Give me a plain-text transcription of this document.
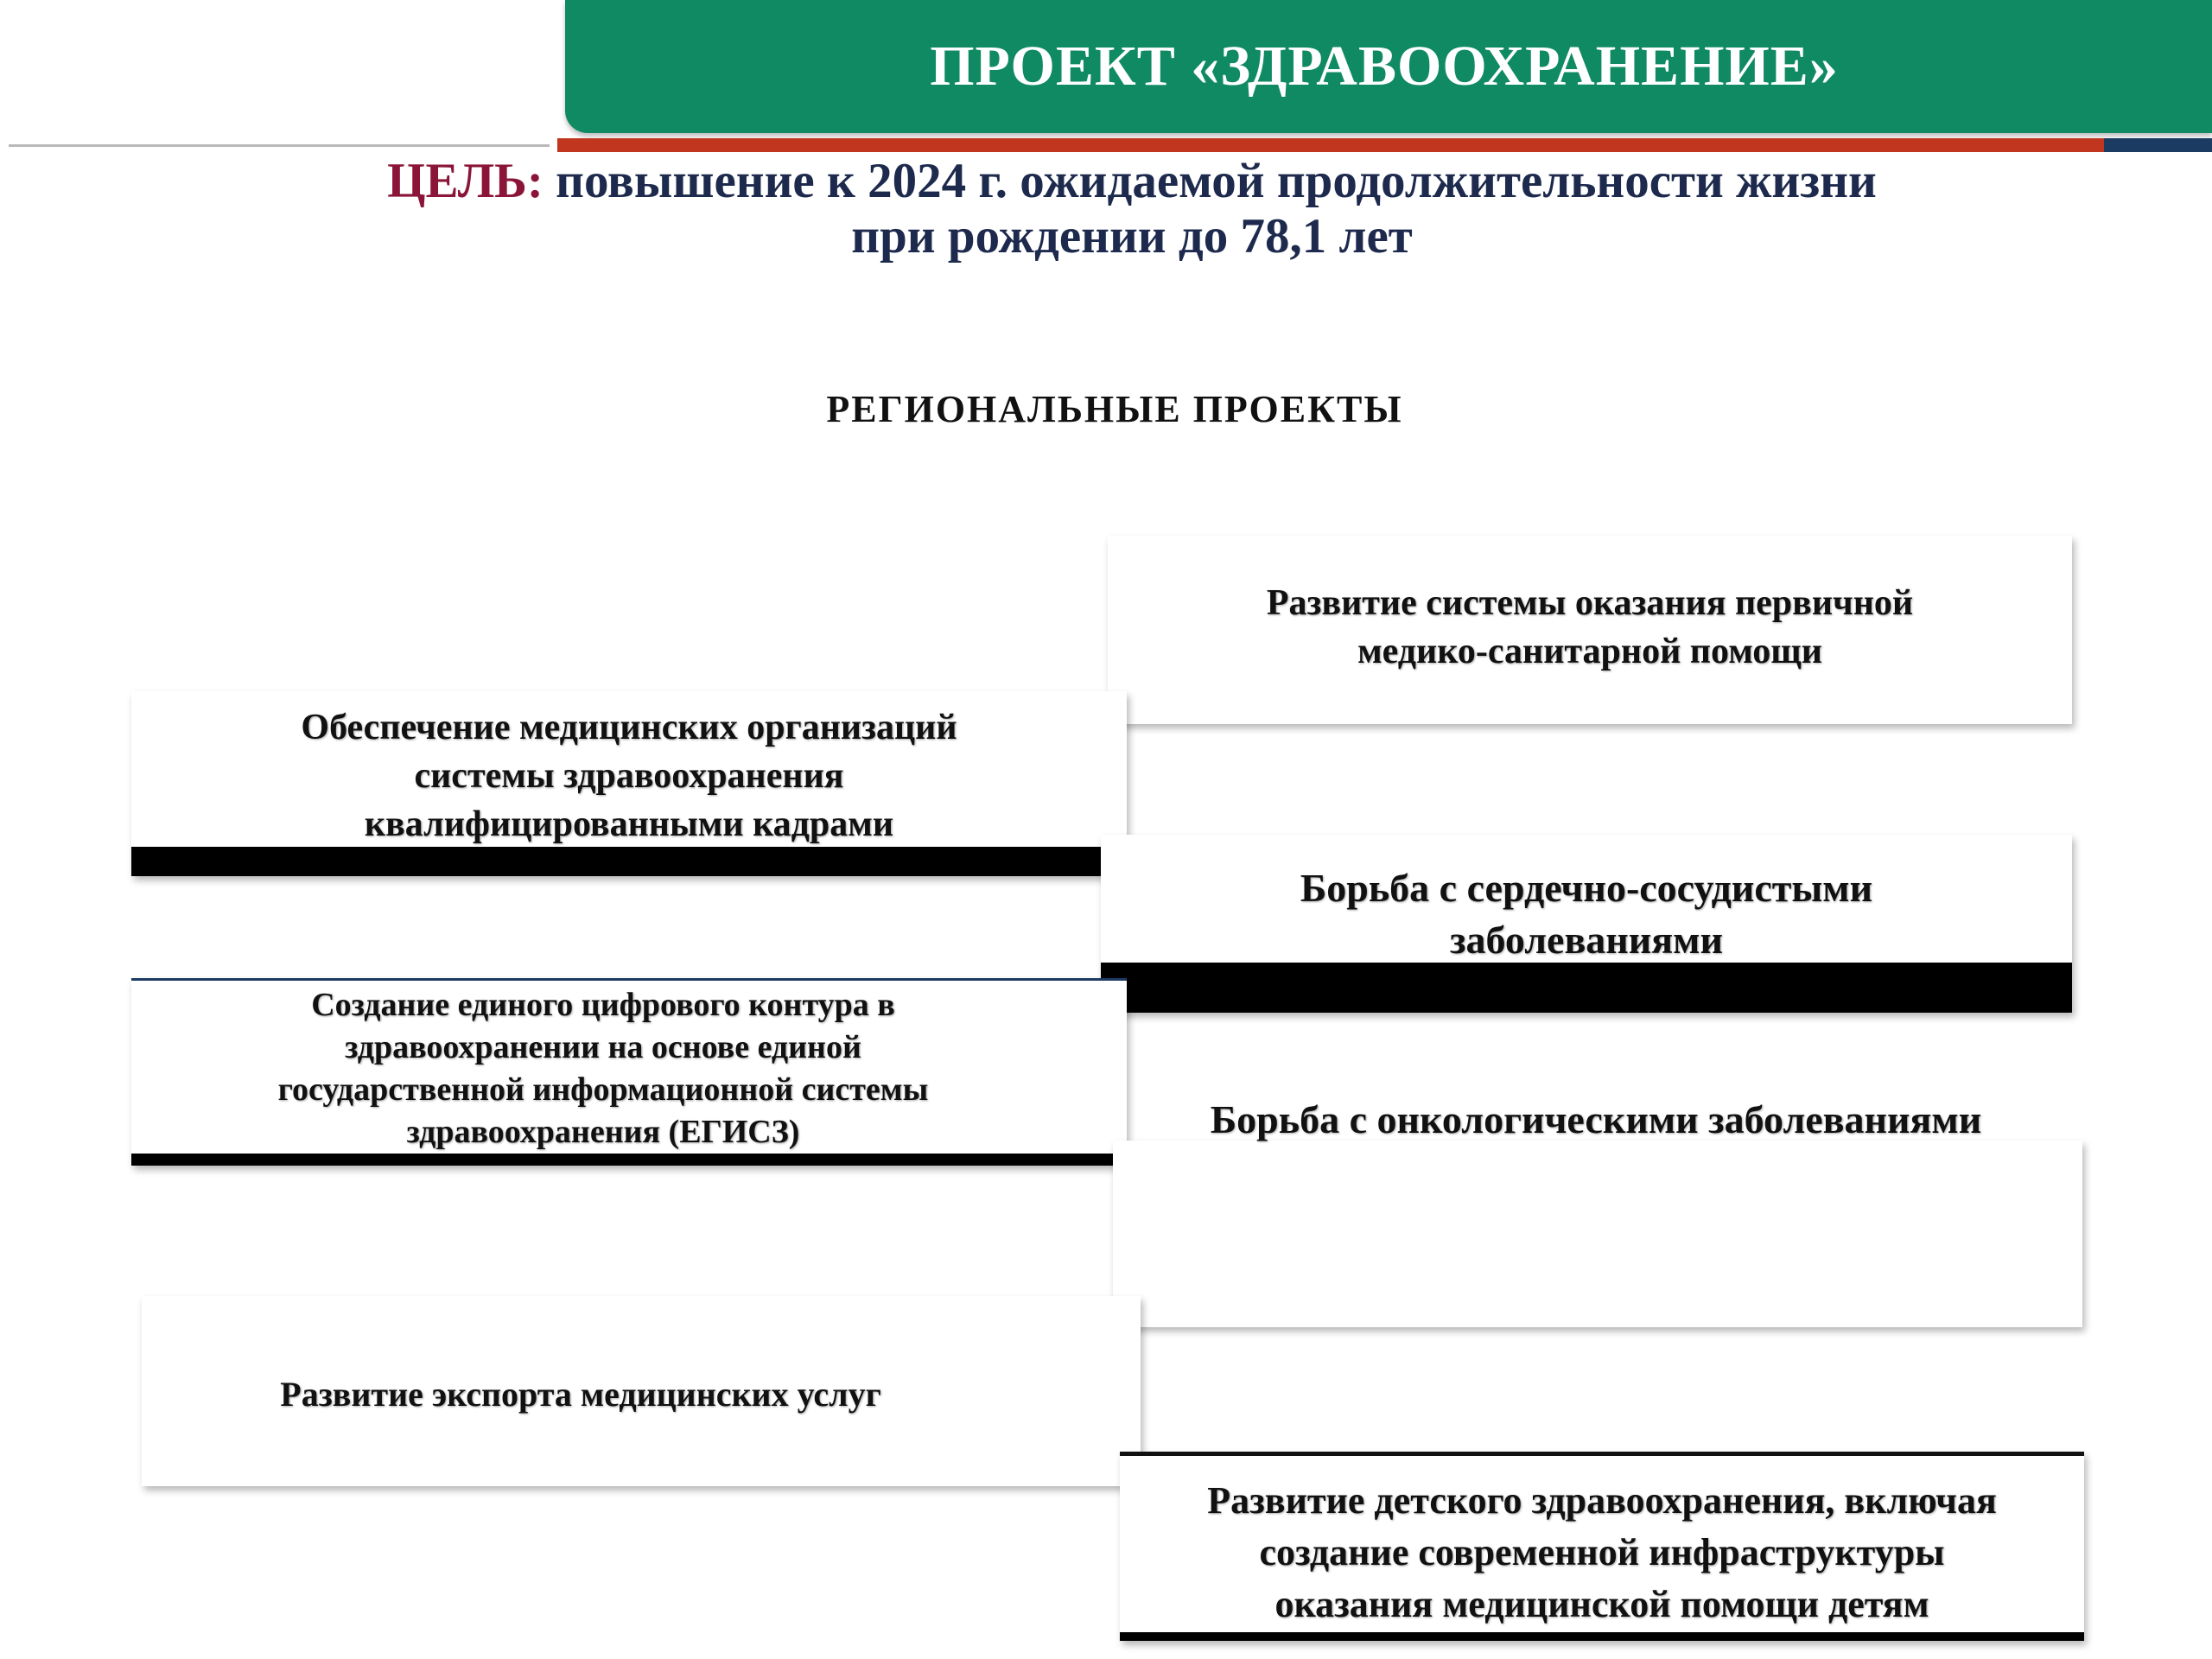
ПРОЕКТ «ЗДРАВООХРАНЕНИЕ»
ЦЕЛЬ: повышение к 2024 г. ожидаемой продолжительности жизни
при рождении до 78,1 лет
РЕГИОНАЛЬНЫЕ ПРОЕКТЫ
Развитие системы оказания первичной
медико-санитарной помощи
Обеспечение медицинских организаций
системы здравоохранения
квалифицированными кадрами
Борьба с сердечно-сосудистыми
заболеваниями
Создание единого цифрового контура в
здравоохранении на основе единой
государственной информационной системы
здравоохранения (ЕГИСЗ)	Борьба с онкологическими заболеваниями
Развитие экспорта медицинских услуг
Развитие детского здравоохранения, включая
создание современной инфраструктуры
оказания медицинской помощи детям
